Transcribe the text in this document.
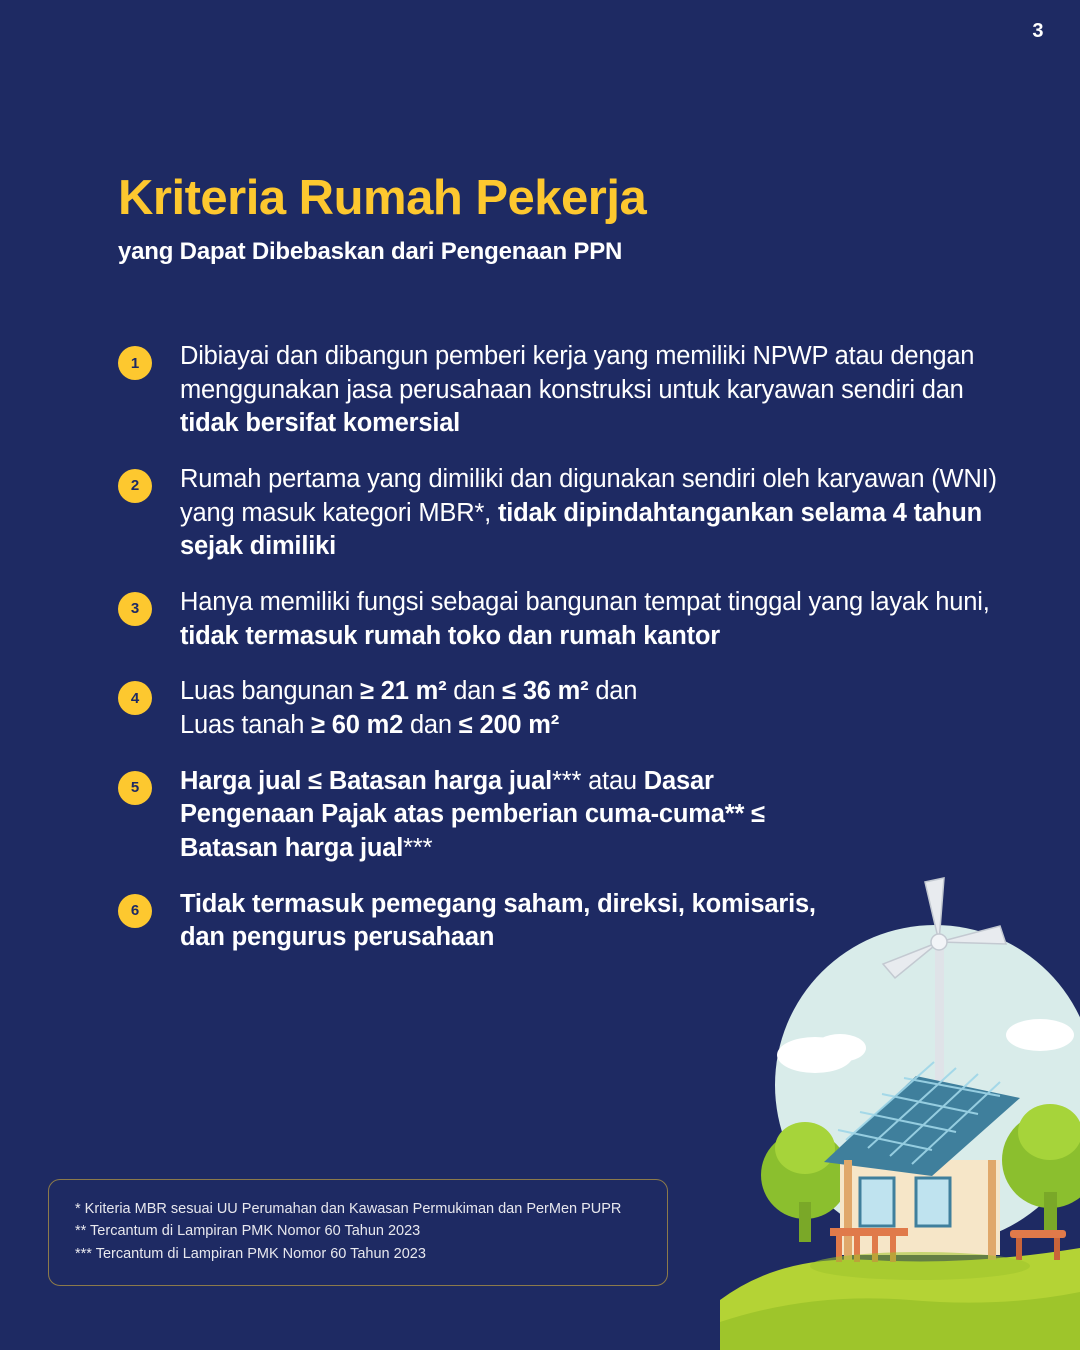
3
Kriteria Rumah Pekerja
yang Dapat Dibebaskan dari Pengenaan PPN
1	Dibiayai dan dibangun pemberi kerja yang memiliki NPWP atau dengan menggunakan jasa perusahaan konstruksi untuk karyawan sendiri dan tidak bersifat komersial
2	Rumah pertama yang dimiliki dan digunakan sendiri oleh karyawan (WNI) yang masuk kategori MBR*, tidak dipindahtangankan selama 4 tahun sejak dimiliki
3	Hanya memiliki fungsi sebagai bangunan tempat tinggal yang layak huni, tidak termasuk rumah toko dan rumah kantor
4	Luas bangunan ≥ 21 m² dan ≤ 36 m² dan
Luas tanah ≥ 60 m2 dan ≤ 200 m²
5	Harga jual ≤ Batasan harga jual*** atau Dasar Pengenaan Pajak atas pemberian cuma-cuma** ≤ Batasan harga jual***
6	Tidak termasuk pemegang saham, direksi, komisaris, dan pengurus perusahaan
* Kriteria MBR sesuai UU Perumahan dan Kawasan Permukiman dan PerMen PUPR
** Tercantum di Lampiran PMK Nomor 60 Tahun 2023
*** Tercantum di Lampiran PMK Nomor 60 Tahun 2023
